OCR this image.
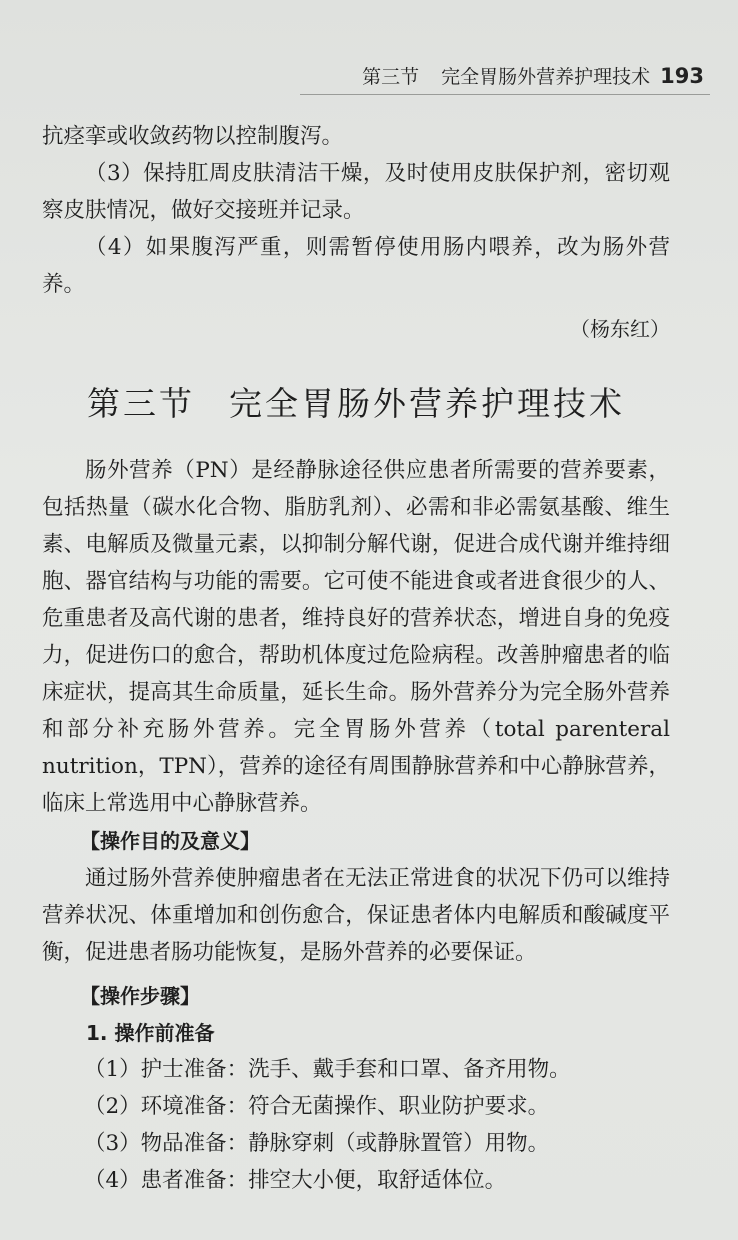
第三节 完全胃肠外营养护理技术 193

抗痉挛或收敛药物以控制腹泻。

（3）保持肛周皮肤清洁干燥，及时使用皮肤保护剂，密切观察皮肤情况，做好交接班并记录。

（4）如果腹泻严重，则需暂停使用肠内喂养，改为肠外营养。

（杨东红）

第三节 完全胃肠外营养护理技术

肠外营养（PN）是经静脉途径供应患者所需要的营养要素，包括热量（碳水化合物、脂肪乳剂）、必需和非必需氨基酸、维生素、电解质及微量元素，以抑制分解代谢，促进合成代谢并维持细胞、器官结构与功能的需要。它可使不能进食或者进食很少的人、危重患者及高代谢的患者，维持良好的营养状态，增进自身的免疫力，促进伤口的愈合，帮助机体度过危险病程。改善肿瘤患者的临床症状，提高其生命质量，延长生命。肠外营养分为完全肠外营养和部分补充肠外营养。完全胃肠外营养（total parenteral nutrition，TPN），营养的途径有周围静脉营养和中心静脉营养，临床上常选用中心静脉营养。

【操作目的及意义】

通过肠外营养使肿瘤患者在无法正常进食的状况下仍可以维持营养状况、体重增加和创伤愈合，保证患者体内电解质和酸碱度平衡，促进患者肠功能恢复，是肠外营养的必要保证。

【操作步骤】
1. 操作前准备
（1）护士准备：洗手、戴手套和口罩、备齐用物。
（2）环境准备：符合无菌操作、职业防护要求。
（3）物品准备：静脉穿刺（或静脉置管）用物。
（4）患者准备：排空大小便，取舒适体位。
